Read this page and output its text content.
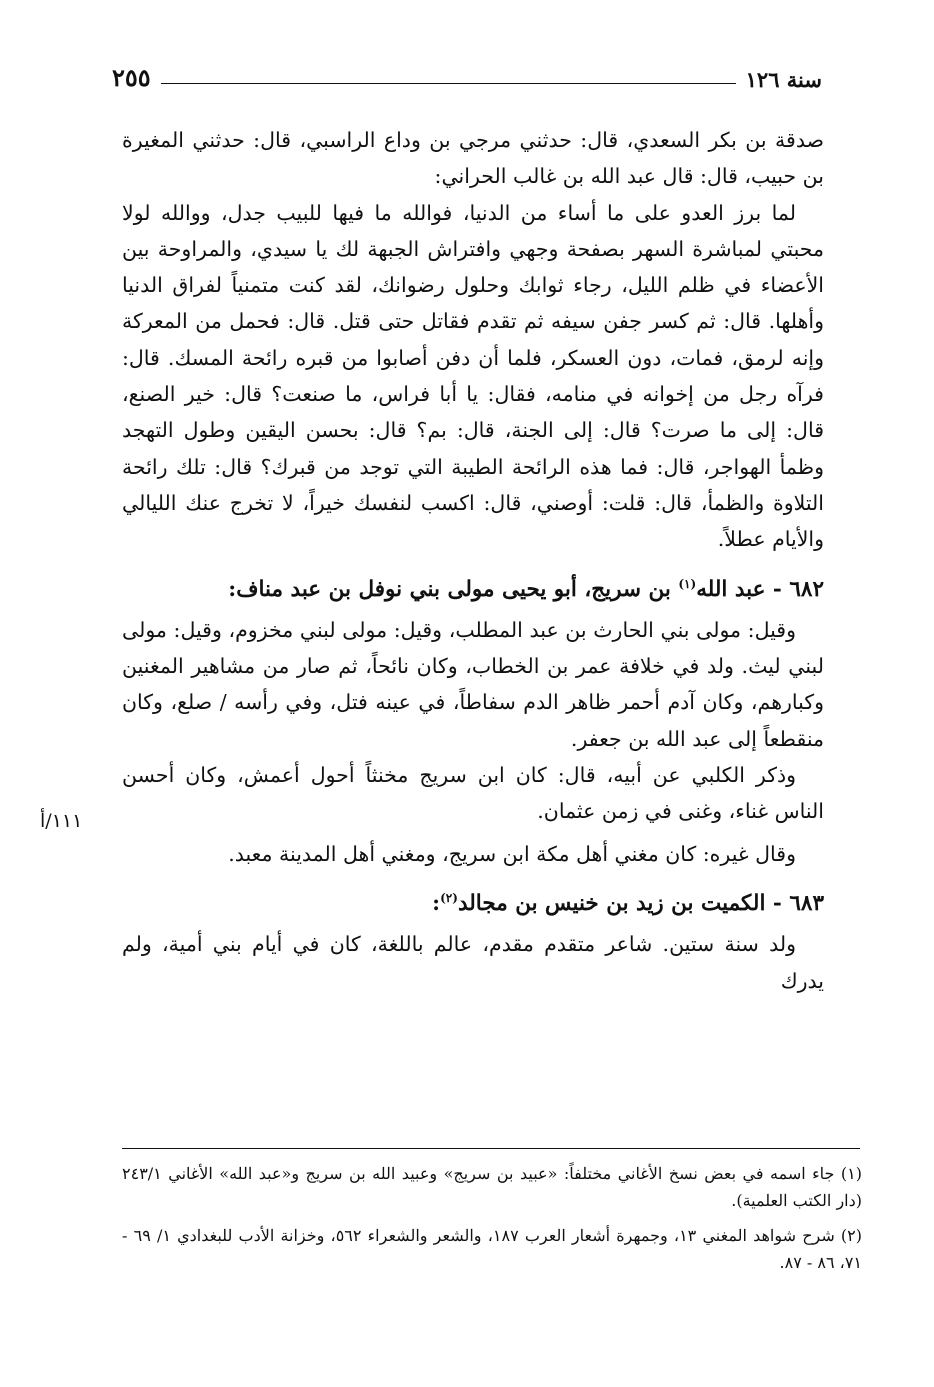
سنة ١٢٦
٢٥٥
١١١/أ

صدقة بن بكر السعدي، قال: حدثني مرجي بن وداع الراسبي، قال: حدثني المغيرة بن حبيب، قال: قال عبد الله بن غالب الحراني:

لما برز العدو على ما أساء من الدنيا، فوالله ما فيها للبيب جدل، ووالله لولا محبتي لمباشرة السهر بصفحة وجهي وافتراش الجبهة لك يا سيدي، والمراوحة بين الأعضاء في ظلم الليل، رجاء ثوابك وحلول رضوانك، لقد كنت متمنياً لفراق الدنيا وأهلها. قال: ثم كسر جفن سيفه ثم تقدم فقاتل حتى قتل. قال: فحمل من المعركة وإنه لرمق، فمات، دون العسكر، فلما أن دفن أصابوا من قبره رائحة المسك. قال: فرآه رجل من إخوانه في منامه، فقال: يا أبا فراس، ما صنعت؟ قال: خير الصنع، قال: إلى ما صرت؟ قال: إلى الجنة، قال: بم؟ قال: بحسن اليقين وطول التهجد وظمأ الهواجر، قال: فما هذه الرائحة الطيبة التي توجد من قبرك؟ قال: تلك رائحة التلاوة والظمأ، قال: قلت: أوصني، قال: اكسب لنفسك خيراً، لا تخرج عنك الليالي والأيام عطلاً.

٦٨٢ - عبد الله$^{(١)}$ بن سريج، أبو يحيى مولى بني نوفل بن عبد مناف:

وقيل: مولى بني الحارث بن عبد المطلب، وقيل: مولى لبني مخزوم، وقيل: مولى لبني ليث. ولد في خلافة عمر بن الخطاب، وكان نائحاً، ثم صار من مشاهير المغنين وكبارهم، وكان آدم أحمر ظاهر الدم سفاطاً، في عينه فتل، وفي رأسه / صلع، وكان منقطعاً إلى عبد الله بن جعفر.

وذكر الكلبي عن أبيه، قال: كان ابن سريج مخنثاً أحول أعمش، وكان أحسن الناس غناء، وغنى في زمن عثمان.

وقال غيره: كان مغني أهل مكة ابن سريج، ومغني أهل المدينة معبد.

٦٨٣ - الكميت بن زيد بن خنيس بن مجالد$^{(٢)}$:

ولد سنة ستين. شاعر متقدم مقدم، عالم باللغة، كان في أيام بني أمية، ولم يدرك

(١) جاء اسمه في بعض نسخ الأغاني مختلفاً: «عبيد بن سريج» وعبيد الله بن سريج و«عبد الله» الأغاني ٢٤٣/١ (دار الكتب العلمية).

(٢) شرح شواهد المغني ١٣، وجمهرة أشعار العرب ١٨٧، والشعر والشعراء ٥٦٢، وخزانة الأدب للبغدادي ١/ ٦٩ - ٧١، ٨٦ - ٨٧.
